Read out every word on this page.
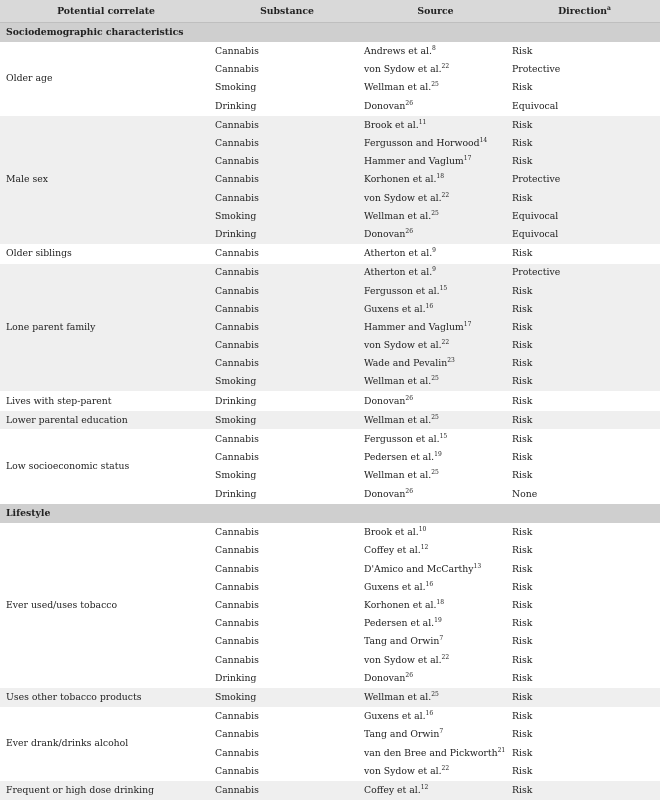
Potential correlate	Substance	Source	Direction$^a$
Sociodemographic characteristics			
Older age	Cannabis	Andrews et al.$^8$	Risk
	Cannabis	von Sydow et al.$^{22}$	Protective
	Smoking	Wellman et al.$^{25}$	Risk
	Drinking	Donovan$^{26}$	Equivocal
Male sex	Cannabis	Brook et al.$^{11}$	Risk
	Cannabis	Fergusson and Horwood$^{14}$	Risk
	Cannabis	Hammer and Vaglum$^{17}$	Risk
	Cannabis	Korhonen et al.$^{18}$	Protective
	Cannabis	von Sydow et al.$^{22}$	Risk
	Smoking	Wellman et al.$^{25}$	Equivocal
	Drinking	Donovan$^{26}$	Equivocal
Older siblings	Cannabis	Atherton et al.$^9$	Risk
Lone parent family	Cannabis	Atherton et al.$^9$	Protective
	Cannabis	Fergusson et al.$^{15}$	Risk
	Cannabis	Guxens et al.$^{16}$	Risk
	Cannabis	Hammer and Vaglum$^{17}$	Risk
	Cannabis	von Sydow et al.$^{22}$	Risk
	Cannabis	Wade and Pevalin$^{23}$	Risk
	Smoking	Wellman et al.$^{25}$	Risk
Lives with step-parent	Drinking	Donovan$^{26}$	Risk
Lower parental education	Smoking	Wellman et al.$^{25}$	Risk
Low socioeconomic status	Cannabis	Fergusson et al.$^{15}$	Risk
	Cannabis	Pedersen et al.$^{19}$	Risk
	Smoking	Wellman et al.$^{25}$	Risk
	Drinking	Donovan$^{26}$	None
Lifestyle			
Ever used/uses tobacco	Cannabis	Brook et al.$^{10}$	Risk
	Cannabis	Coffey et al.$^{12}$	Risk
	Cannabis	D'Amico and McCarthy$^{13}$	Risk
	Cannabis	Guxens et al.$^{16}$	Risk
	Cannabis	Korhonen et al.$^{18}$	Risk
	Cannabis	Pedersen et al.$^{19}$	Risk
	Cannabis	Tang and Orwin$^7$	Risk
	Cannabis	von Sydow et al.$^{22}$	Risk
	Drinking	Donovan$^{26}$	Risk
Uses other tobacco products	Smoking	Wellman et al.$^{25}$	Risk
Ever drank/drinks alcohol	Cannabis	Guxens et al.$^{16}$	Risk
	Cannabis	Tang and Orwin$^7$	Risk
	Cannabis	van den Bree and Pickworth$^{21}$	Risk
	Cannabis	von Sydow et al.$^{22}$	Risk
Frequent or high dose drinking	Cannabis	Coffey et al.$^{12}$	Risk
